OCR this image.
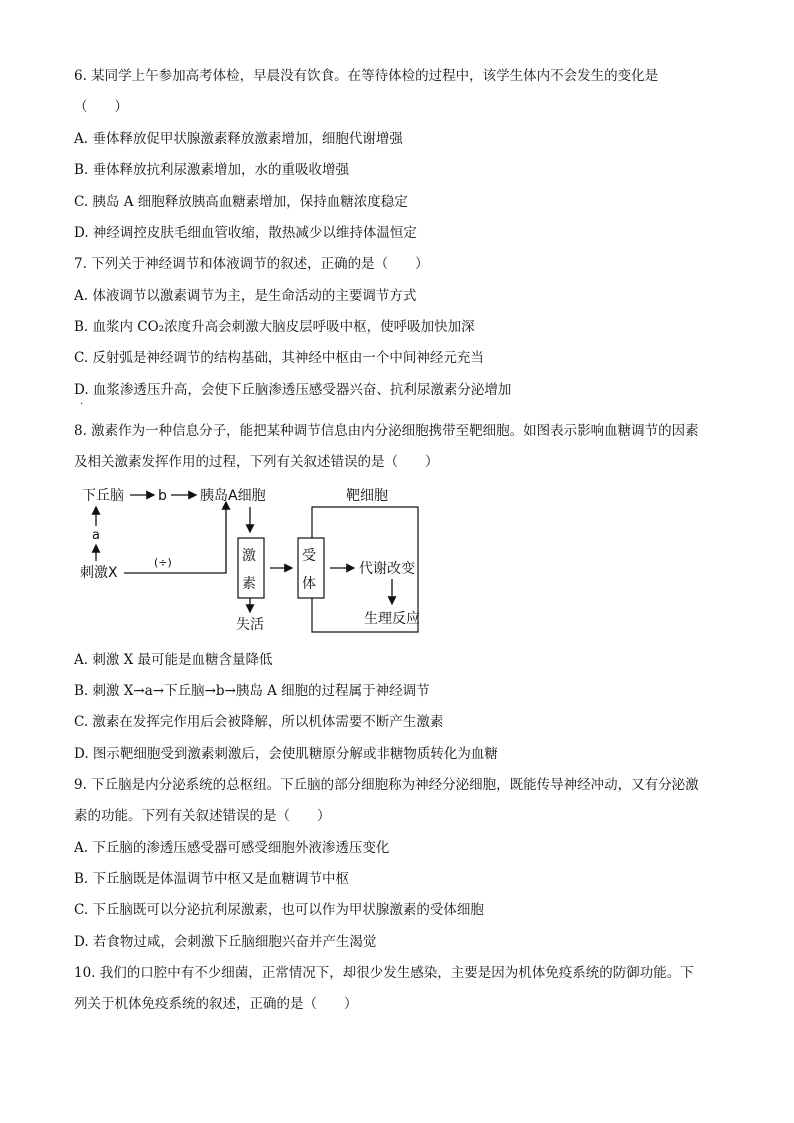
6. 某同学上午参加高考体检，早晨没有饮食。在等待体检的过程中，该学生体内不会发生的变化是
（　　）
A. 垂体释放促甲状腺激素释放激素增加，细胞代谢增强
B. 垂体释放抗利尿激素增加，水的重吸收增强
C. 胰岛 A 细胞释放胰高血糖素增加，保持血糖浓度稳定
D. 神经调控皮肤毛细血管收缩，散热减少以维持体温恒定
7. 下列关于神经调节和体液调节的叙述，正确的是（　　）
A. 体液调节以激素调节为主，是生命活动的主要调节方式
B. 血浆内 CO₂浓度升高会刺激大脑皮层呼吸中枢，使呼吸加快加深
C. 反射弧是神经调节的结构基础，其神经中枢由一个中间神经元充当
D. 血浆渗透压升高，会使下丘脑渗透压感受器兴奋、抗利尿激素分泌增加
.
8. 激素作为一种信息分子，能把某种调节信息由内分泌细胞携带至靶细胞。如图表示影响血糖调节的因素
及相关激素发挥作用的过程，下列有关叙述错误的是（　　）
下丘脑 b 胰岛A细胞
a
刺激X
(÷)	激
素
失活
靶细胞
受
体
代谢改变
生理反应
A. 刺激 X 最可能是血糖含量降低
B. 刺激 X→a→下丘脑→b→胰岛 A 细胞的过程属于神经调节
C. 激素在发挥完作用后会被降解，所以机体需要不断产生激素
D. 图示靶细胞受到激素刺激后，会使肌糖原分解或非糖物质转化为血糖
9. 下丘脑是内分泌系统的总枢纽。下丘脑的部分细胞称为神经分泌细胞，既能传导神经冲动，又有分泌激
素的功能。下列有关叙述错误的是（　　）
A. 下丘脑的渗透压感受器可感受细胞外液渗透压变化
B. 下丘脑既是体温调节中枢又是血糖调节中枢
C. 下丘脑既可以分泌抗利尿激素，也可以作为甲状腺激素的受体细胞
D. 若食物过咸，会刺激下丘脑细胞兴奋并产生渴觉
10. 我们的口腔中有不少细菌，正常情况下，却很少发生感染，主要是因为机体免疫系统的防御功能。下
列关于机体免疫系统的叙述，正确的是（　　）
